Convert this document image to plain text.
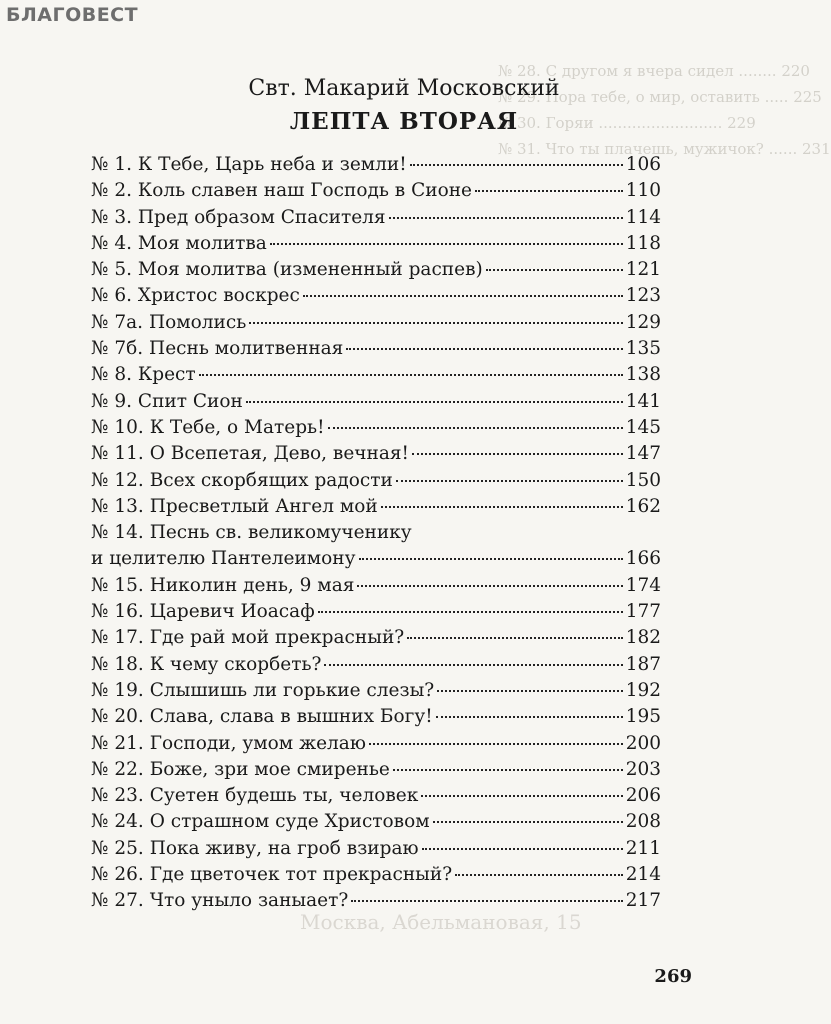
БЛАГОВЕСТ
№ 28. С другом я вчера сидел ........ 220
№ 29. Пора тебе, о мир, оставить ..... 225
№ 30. Горяи .......................... 229
№ 31. Что ты плачешь, мужичок? ...... 231
Москва, Абельмановая, 15
Свт. Макарий Московский
ЛЕПТА ВТОРАЯ
№ 1. К Тебе, Царь неба и земли!	106
№ 2. Коль славен наш Господь в Сионе	110
№ 3. Пред образом Спасителя	114
№ 4. Моя молитва	118
№ 5. Моя молитва (измененный распев)	121
№ 6. Христос воскрес	123
№ 7а. Помолись	129
№ 7б. Песнь молитвенная	135
№ 8. Крест	138
№ 9. Спит Сион	141
№ 10. К Тебе, о Матерь!	145
№ 11. О Всепетая, Дево, вечная!	147
№ 12. Всех скорбящих радости	150
№ 13. Пресветлый Ангел мой	162
№ 14. Песнь св. великомученику
и целителю Пантелеимону	166
№ 15. Николин день, 9 мая	174
№ 16. Царевич Иоасаф	177
№ 17. Где рай мой прекрасный?	182
№ 18. К чему скорбеть?	187
№ 19. Слышишь ли горькие слезы?	192
№ 20. Слава, слава в вышних Богу!	195
№ 21. Господи, умом желаю	200
№ 22. Боже, зри мое смиренье	203
№ 23. Суетен будешь ты, человек	206
№ 24. О страшном суде Христовом	208
№ 25. Пока живу, на гроб взираю	211
№ 26. Где цветочек тот прекрасный?	214
№ 27. Что уныло заныает?	217
269
